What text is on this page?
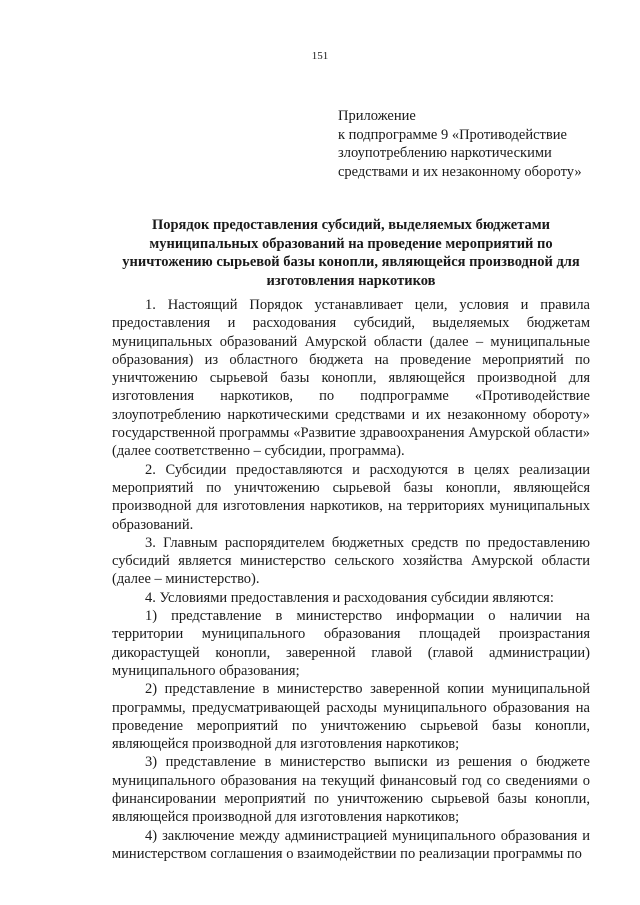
151
Приложение
к подпрограмме 9 «Противодействие
злоупотреблению наркотическими
средствами и их незаконному обороту»
Порядок предоставления субсидий, выделяемых бюджетами муниципальных образований на проведение мероприятий по уничтожению сырьевой базы конопли, являющейся производной для изготовления наркотиков

1. Настоящий Порядок устанавливает цели, условия и правила предоставления и расходования субсидий, выделяемых бюджетам муниципальных образований Амурской области (далее – муниципальные образования) из областного бюджета на проведение мероприятий по уничтожению сырьевой базы конопли, являющейся производной для изготовления наркотиков, по подпрограмме «Противодействие злоупотреблению наркотическими средствами и их незаконному обороту» государственной программы «Развитие здравоохранения Амурской области» (далее соответственно – субсидии, программа).

2. Субсидии предоставляются и расходуются в целях реализации мероприятий по уничтожению сырьевой базы конопли, являющейся производной для изготовления наркотиков, на территориях муниципальных образований.

3. Главным распорядителем бюджетных средств по предоставлению субсидий является министерство сельского хозяйства Амурской области (далее – министерство).

4. Условиями предоставления и расходования субсидии являются:

1) представление в министерство информации о наличии на территории муниципального образования площадей произрастания дикорастущей конопли, заверенной главой (главой администрации) муниципального образования;

2) представление в министерство заверенной копии муниципальной программы, предусматривающей расходы муниципального образования на проведение мероприятий по уничтожению сырьевой базы конопли, являющейся производной для изготовления наркотиков;

3) представление в министерство выписки из решения о бюджете муниципального образования на текущий финансовый год со сведениями о финансировании мероприятий по уничтожению сырьевой базы конопли, являющейся производной для изготовления наркотиков;

4) заключение между администрацией муниципального образования и министерством соглашения о взаимодействии по реализации программы по
